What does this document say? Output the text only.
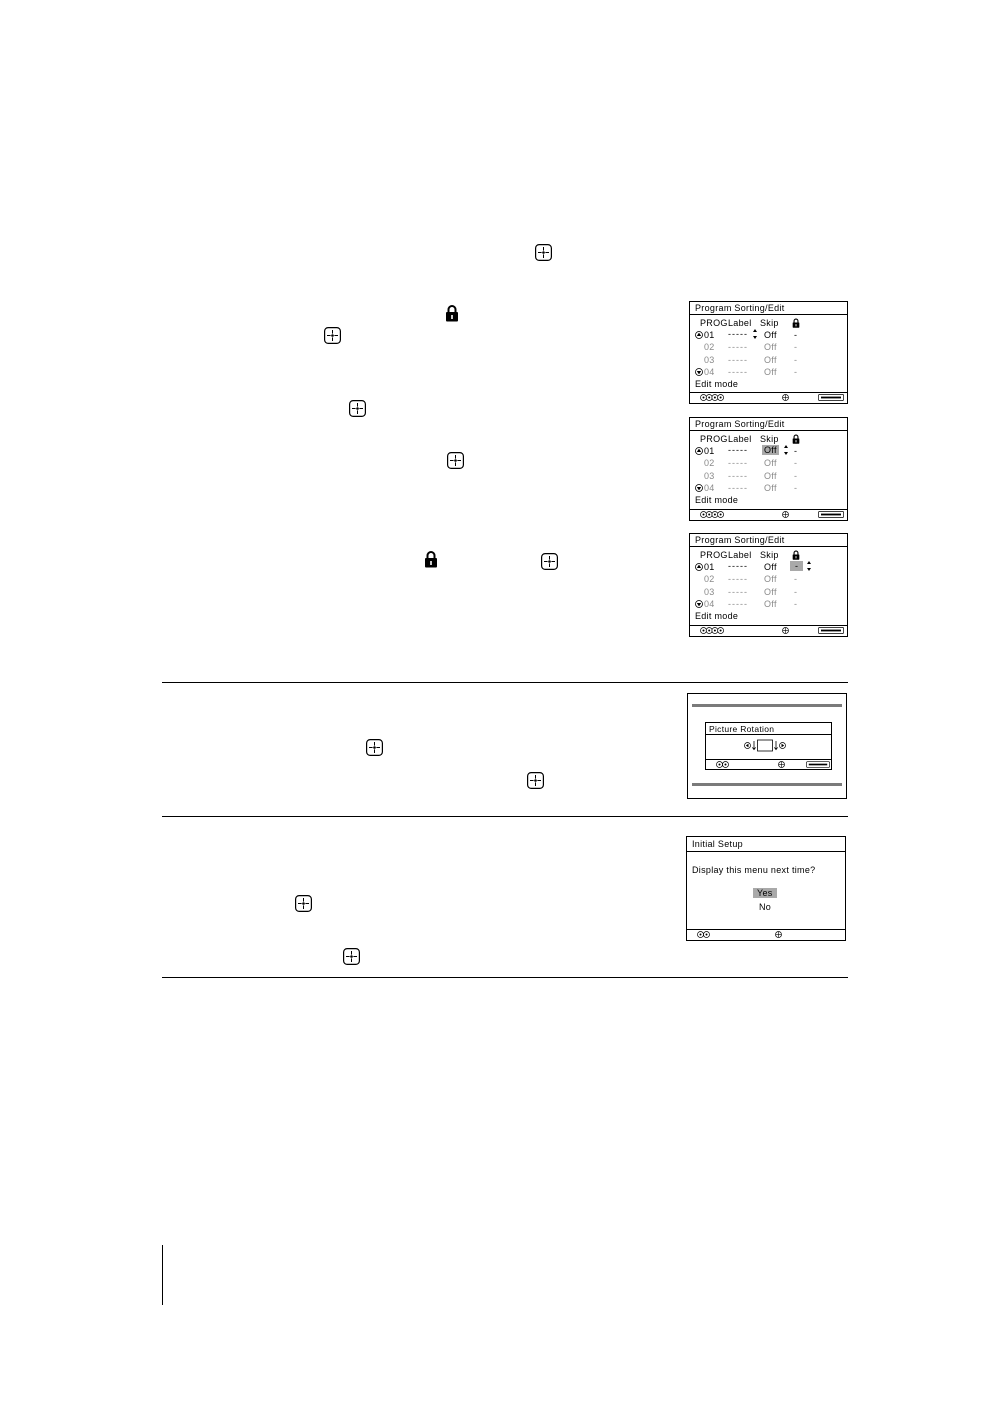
Program Sorting/Edit
PROG Label Skip
01 ----- Off -
02 ----- Off -
03 ----- Off -
04 ----- Off -
Edit mode
Program Sorting/Edit
PROG Label Skip
01 ----- Off -
02 ----- Off -
03 ----- Off -
04 ----- Off -
Edit mode
Program Sorting/Edit
PROG Label Skip
01 ----- Off	-
02 ----- Off -
03 ----- Off -
04 ----- Off -
Edit mode
Picture Rotation
Initial Setup
Display this menu next time?
Yes
No
